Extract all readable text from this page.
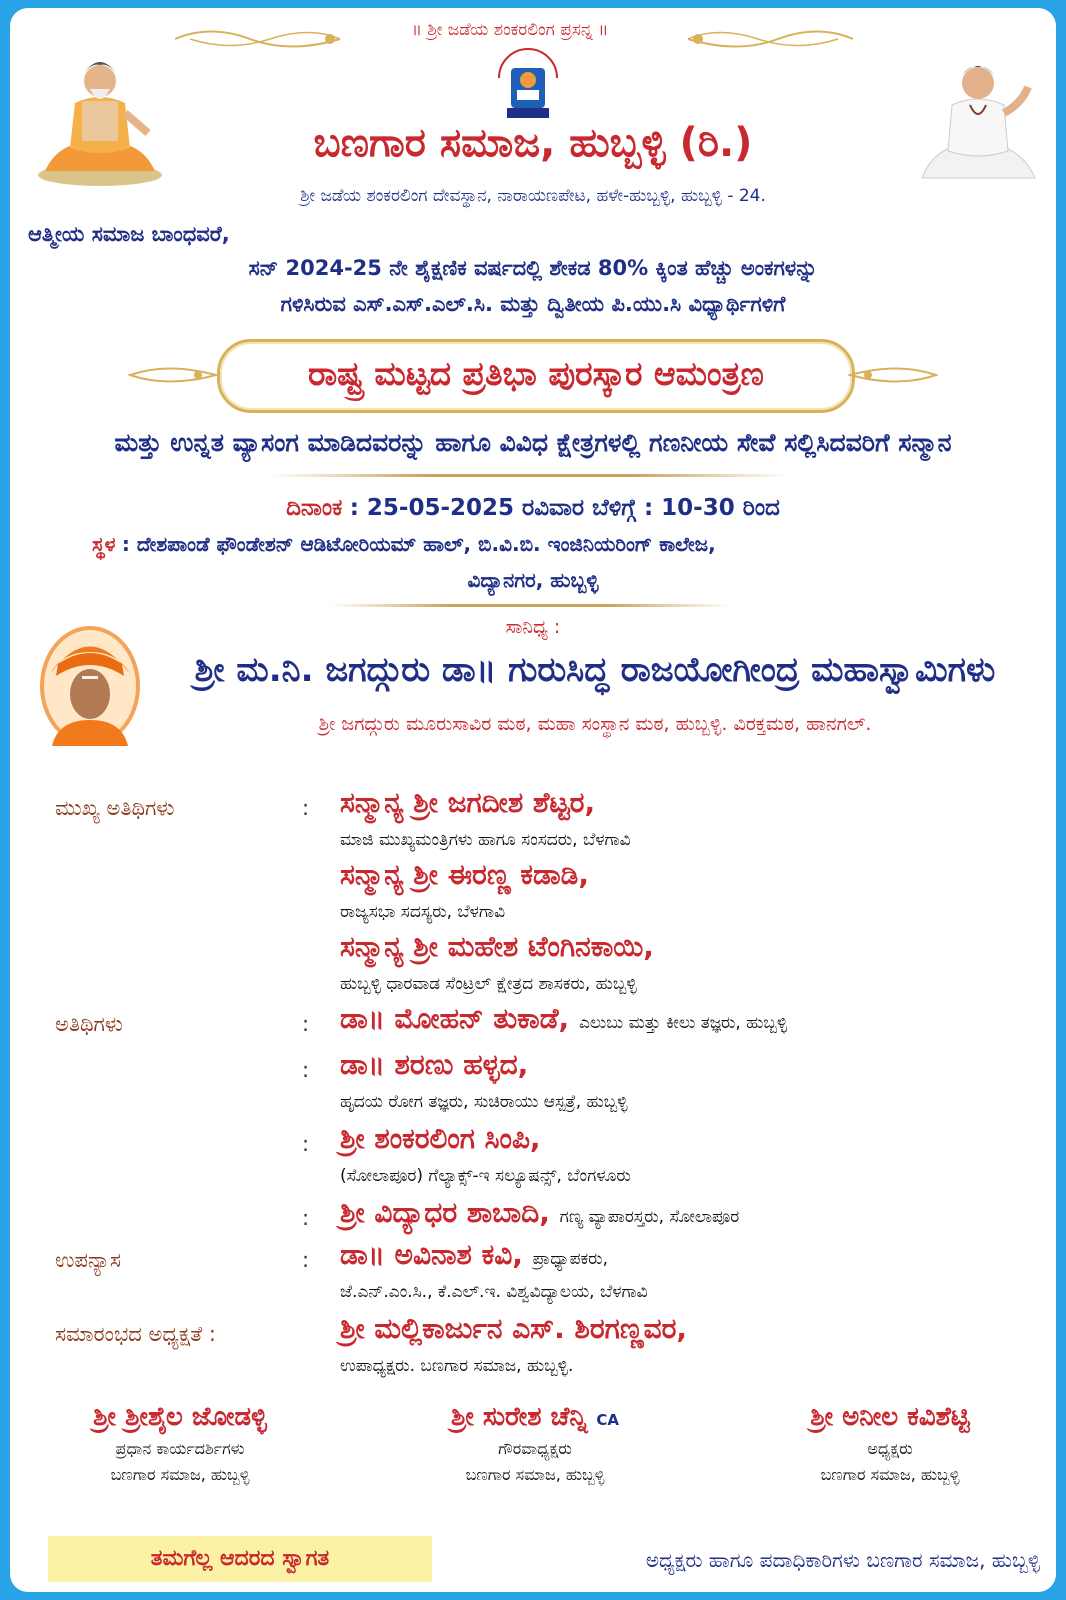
॥ ಶ್ರೀ ಜಡೆಯ ಶಂಕರಲಿಂಗ ಪ್ರಸನ್ನ ॥
ಬಣಗಾರ ಸಮಾಜ, ಹುಬ್ಬಳ್ಳಿ (ರಿ.)
ಶ್ರೀ ಜಡೆಯ ಶಂಕರಲಿಂಗ ದೇವಸ್ಥಾನ, ನಾರಾಯಣಪೇಟ, ಹಳೇ-ಹುಬ್ಬಳ್ಳಿ, ಹುಬ್ಬಳ್ಳಿ - 24.
ಆತ್ಮೀಯ ಸಮಾಜ ಬಾಂಧವರೆ,
ಸನ್ 2024-25 ನೇ ಶೈಕ್ಷಣಿಕ ವರ್ಷದಲ್ಲಿ ಶೇಕಡ 80% ಕ್ಕಿಂತ ಹೆಚ್ಚು ಅಂಕಗಳನ್ನು
ಗಳಿಸಿರುವ ಎಸ್.ಎಸ್.ಎಲ್.ಸಿ. ಮತ್ತು ದ್ವಿತೀಯ ಪಿ.ಯು.ಸಿ ವಿಧ್ಯಾರ್ಥಿಗಳಿಗೆ
ರಾಷ್ಟ್ರ ಮಟ್ಟದ ಪ್ರತಿಭಾ ಪುರಸ್ಕಾರ ಆಮಂತ್ರಣ
ಮತ್ತು ಉನ್ನತ ವ್ಯಾಸಂಗ ಮಾಡಿದವರನ್ನು ಹಾಗೂ ವಿವಿಧ ಕ್ಷೇತ್ರಗಳಲ್ಲಿ ಗಣನೀಯ ಸೇವೆ ಸಲ್ಲಿಸಿದವರಿಗೆ ಸನ್ಮಾನ
ದಿನಾಂಕ : 25-05-2025 ರವಿವಾರ ಬೆಳಿಗ್ಗೆ : 10-30 ರಿಂದ
ಸ್ಥಳ : ದೇಶಪಾಂಡೆ ಫೌಂಡೇಶನ್ ಆಡಿಟೋರಿಯಮ್ ಹಾಲ್, ಬಿ.ವಿ.ಬಿ. ಇಂಜಿನಿಯರಿಂಗ್ ಕಾಲೇಜ,
ವಿದ್ಯಾನಗರ, ಹುಬ್ಬಳ್ಳಿ
ಸಾನಿಧ್ಯ :
ಶ್ರೀ ಮ.ನಿ. ಜಗದ್ಗುರು ಡಾ॥ ಗುರುಸಿದ್ಧ ರಾಜಯೋಗೀಂದ್ರ ಮಹಾಸ್ವಾಮಿಗಳು
ಶ್ರೀ ಜಗದ್ಗುರು ಮೂರುಸಾವಿರ ಮಠ, ಮಹಾ ಸಂಸ್ಥಾನ ಮಠ, ಹುಬ್ಬಳ್ಳಿ. ವಿರಕ್ತಮಠ, ಹಾನಗಲ್.
ಮುಖ್ಯ ಅತಿಥಿಗಳು	: ಸನ್ಮಾನ್ಯ ಶ್ರೀ ಜಗದೀಶ ಶೆಟ್ಟರ,
ಮಾಜಿ ಮುಖ್ಯಮಂತ್ರಿಗಳು ಹಾಗೂ ಸಂಸದರು, ಬೆಳಗಾವಿ
ಸನ್ಮಾನ್ಯ ಶ್ರೀ ಈರಣ್ಣ ಕಡಾಡಿ,
ರಾಜ್ಯಸಭಾ ಸದಸ್ಯರು, ಬೆಳಗಾವಿ
ಸನ್ಮಾನ್ಯ ಶ್ರೀ ಮಹೇಶ ಟೆಂಗಿನಕಾಯಿ,
ಹುಬ್ಬಳ್ಳಿ ಧಾರವಾಡ ಸೆಂಟ್ರಲ್ ಕ್ಷೇತ್ರದ ಶಾಸಕರು, ಹುಬ್ಬಳ್ಳಿ
ಅತಿಥಿಗಳು	: ಡಾ॥ ಮೋಹನ್ ತುಕಾಡೆ, ಎಲುಬು ಮತ್ತು ಕೀಲು ತಜ್ಞರು, ಹುಬ್ಬಳ್ಳಿ
: ಡಾ॥ ಶರಣು ಹಳ್ಳದ,
ಹೃದಯ ರೋಗ ತಜ್ಞರು, ಸುಚಿರಾಯು ಆಸ್ಪತ್ರೆ, ಹುಬ್ಬಳ್ಳಿ
: ಶ್ರೀ ಶಂಕರಲಿಂಗ ಸಿಂಪಿ,
(ಸೋಲಾಪೂರ) ಗೆಲ್ಯಾಕ್ಸ್-ಇ ಸಲ್ಯೂಷನ್ಸ್, ಬೆಂಗಳೂರು
: ಶ್ರೀ ವಿದ್ಯಾಧರ ಶಾಬಾದಿ, ಗಣ್ಯ ವ್ಯಾಪಾರಸ್ತರು, ಸೋಲಾಪೂರ
ಉಪನ್ಯಾಸ	: ಡಾ॥ ಅವಿನಾಶ ಕವಿ, ಪ್ರಾಧ್ಯಾಪಕರು,
ಜೆ.ಎನ್.ಎಂ.ಸಿ., ಕೆ.ಎಲ್.ಇ. ವಿಶ್ವವಿದ್ಯಾಲಯ, ಬೆಳಗಾವಿ
ಸಮಾರಂಭದ ಅಧ್ಯಕ್ಷತೆ :	ಶ್ರೀ ಮಲ್ಲಿಕಾರ್ಜುನ ಎಸ್. ಶಿರಗಣ್ಣವರ,
ಉಪಾಧ್ಯಕ್ಷರು. ಬಣಗಾರ ಸಮಾಜ, ಹುಬ್ಬಳ್ಳಿ.
ಶ್ರೀ ಶ್ರೀಶೈಲ ಜೋಡಳ್ಳಿ
ಪ್ರಧಾನ ಕಾರ್ಯದರ್ಶಿಗಳು
ಬಣಗಾರ ಸಮಾಜ, ಹುಬ್ಬಳ್ಳಿ
ಶ್ರೀ ಸುರೇಶ ಚೆನ್ನಿ CA
ಗೌರವಾಧ್ಯಕ್ಷರು
ಬಣಗಾರ ಸಮಾಜ, ಹುಬ್ಬಳ್ಳಿ
ಶ್ರೀ ಅನೀಲ ಕವಿಶೆಟ್ಟಿ
ಅಧ್ಯಕ್ಷರು
ಬಣಗಾರ ಸಮಾಜ, ಹುಬ್ಬಳ್ಳಿ
ತಮಗೆಲ್ಲ ಆದರದ ಸ್ವಾಗತ	ಅಧ್ಯಕ್ಷರು ಹಾಗೂ ಪದಾಧಿಕಾರಿಗಳು ಬಣಗಾರ ಸಮಾಜ, ಹುಬ್ಬಳ್ಳಿ
